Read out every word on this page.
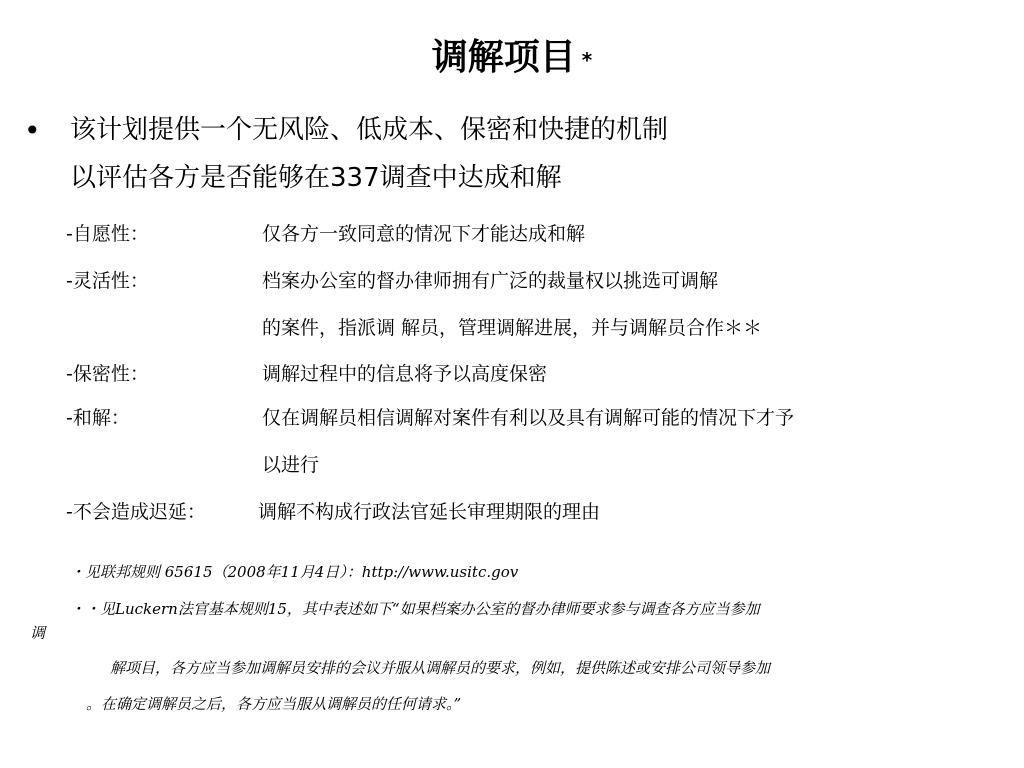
调解项目 *
• 该计划提供一个无风险、低成本、保密和快捷的机制
以评估各方是否能够在337调查中达成和解
-自愿性：	仅各方一致同意的情况下才能达成和解
-灵活性：	档案办公室的督办律师拥有广泛的裁量权以挑选可调解
的案件，指派调 解员，管理调解进展，并与调解员合作＊＊
-保密性：	调解过程中的信息将予以高度保密
-和解：	仅在调解员相信调解对案件有利以及具有调解可能的情况下才予
以进行
-不会造成迟延：	调解不构成行政法官延长审理期限的理由
・见联邦规则 65615（2008年11月4日）：http://www.usitc.gov
・・见Luckern法官基本规则15，其中表述如下“如果档案办公室的督办律师要求参与调查各方应当参加
调
解项目，各方应当参加调解员安排的会议并服从调解员的要求，例如，提供陈述或安排公司领导参加
。在确定调解员之后，各方应当服从调解员的任何请求。”
